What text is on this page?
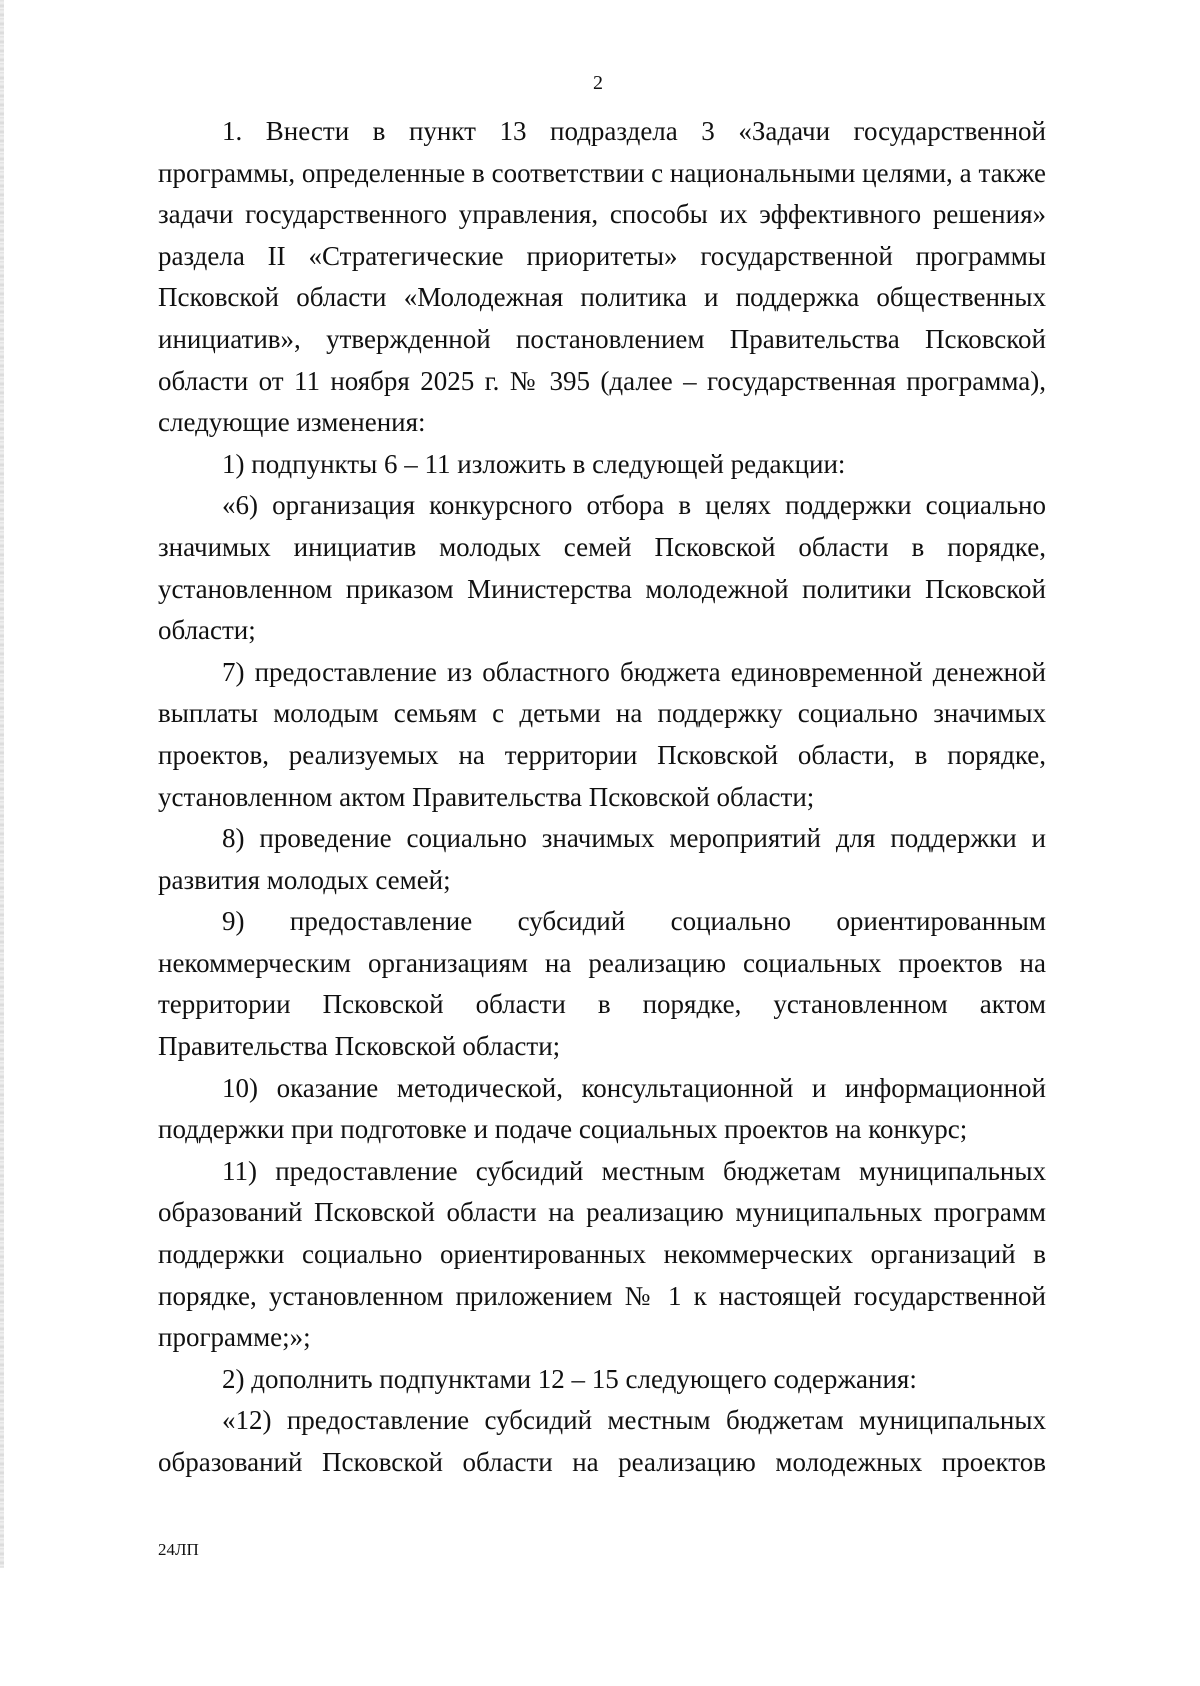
2

1. Внести в пункт 13 подраздела 3 «Задачи государственной программы, определенные в соответствии с национальными целями, а также задачи государственного управления, способы их эффективного решения» раздела II «Стратегические приоритеты» государственной программы Псковской области «Молодежная политика и поддержка общественных инициатив», утвержденной постановлением Правительства Псковской области от 11 ноября 2025 г. № 395 (далее – государственная программа), следующие изменения:

1) подпункты 6 – 11 изложить в следующей редакции:

«6) организация конкурсного отбора в целях поддержки социально значимых инициатив молодых семей Псковской области в порядке, установленном приказом Министерства молодежной политики Псковской области;

7) предоставление из областного бюджета единовременной денежной выплаты молодым семьям с детьми на поддержку социально значимых проектов, реализуемых на территории Псковской области, в порядке, установленном актом Правительства Псковской области;

8) проведение социально значимых мероприятий для поддержки и развития молодых семей;

9) предоставление субсидий социально ориентированным некоммерческим организациям на реализацию социальных проектов на территории Псковской области в порядке, установленном актом Правительства Псковской области;

10) оказание методической, консультационной и информационной поддержки при подготовке и подаче социальных проектов на конкурс;

11) предоставление субсидий местным бюджетам муниципальных образований Псковской области на реализацию муниципальных программ поддержки социально ориентированных некоммерческих организаций в порядке, установленном приложением № 1 к настоящей государственной программе;»;

2) дополнить подпунктами 12 – 15 следующего содержания:

«12) предоставление субсидий местным бюджетам муниципальных образований Псковской области на реализацию молодежных проектов

24ЛП
